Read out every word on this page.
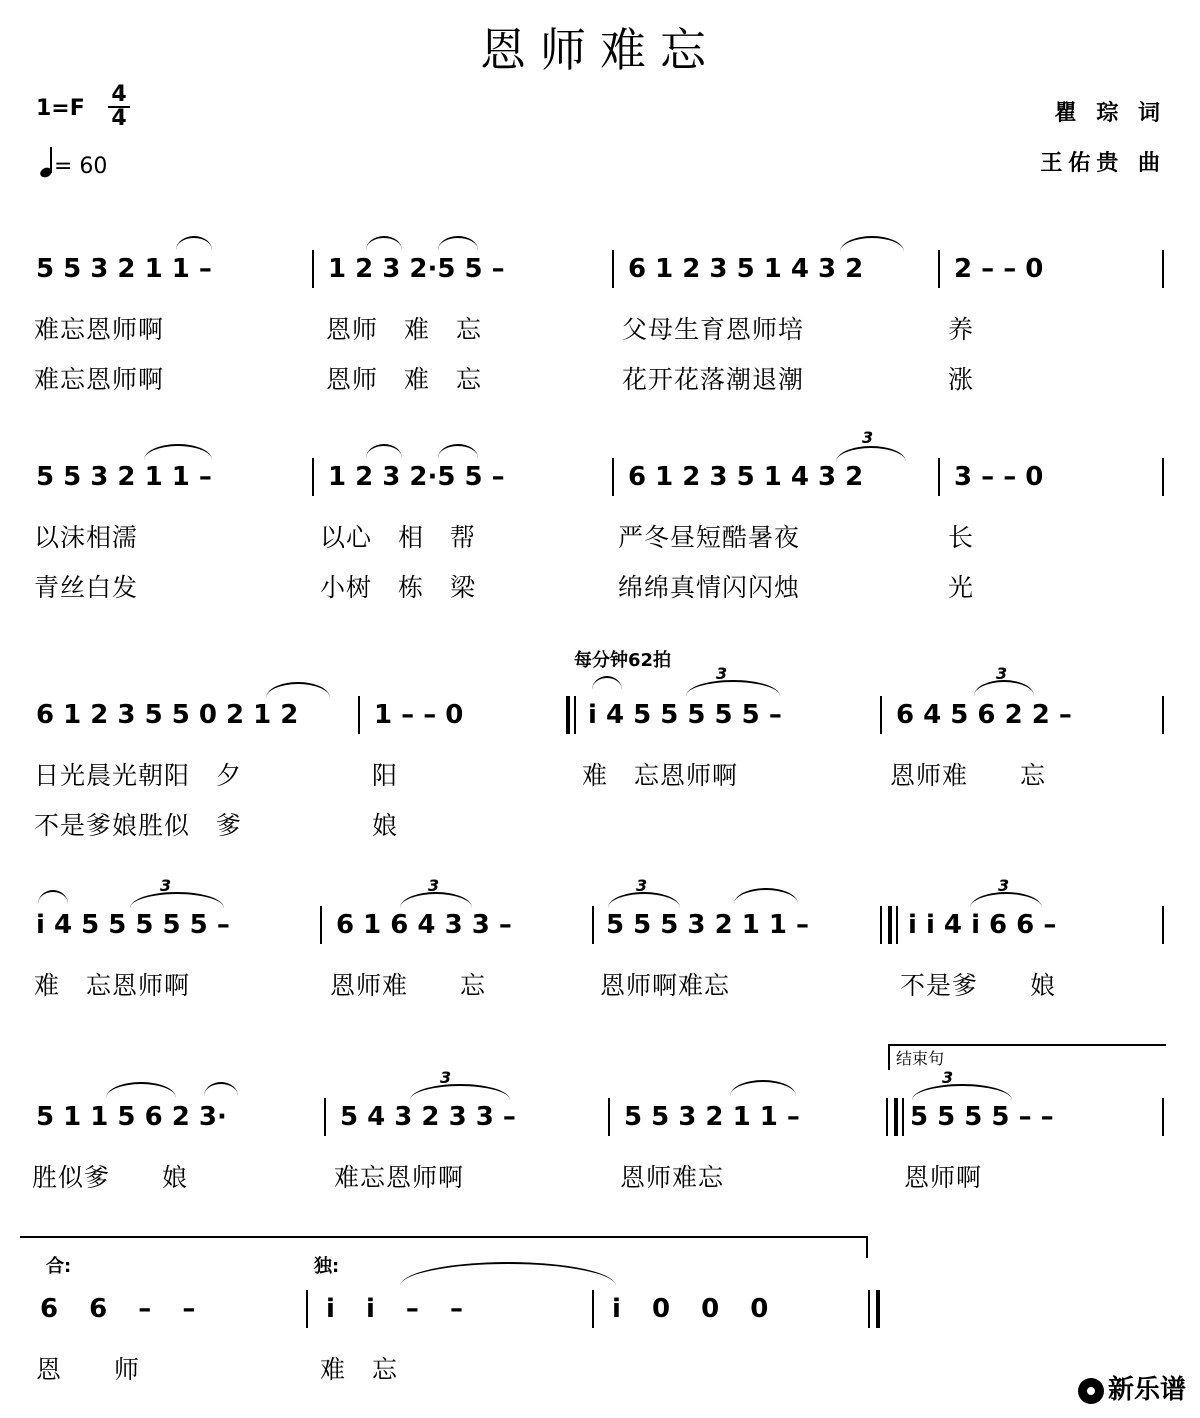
恩师难忘
1=F
4
4
= 60
瞿 琮 词
王佑贵 曲
5 5 3 2 1 1 –	1 2 3 2·5 5 –	6 1 2 3 5 1 4 3 2	2 – – 0
难忘恩师啊	恩师　难　忘	父母生育恩师培	养
难忘恩师啊	恩师　难　忘	花开花落潮退潮	涨
3
5 5 3 2 1 1 –	1 2 3 2·5 5 –	6 1 2 3 5 1 4 3 2	3 – – 0
以沫相濡	以心　相　帮	严冬昼短酷暑夜	长
青丝白发	小树　栋　梁	绵绵真情闪闪烛	光
每分钟62拍
3	3
6 1 2 3 5 5 0 2 1 2	1 – – 0	i 4 5 5 5 5 5 –	6 4 5 6 2 2 –
日光晨光朝阳　夕	阳	难　忘恩师啊	恩师难　　忘
不是爹娘胜似　爹	娘
3	3	3	3
i 4 5 5 5 5 5 –	6 1 6 4 3 3 –	5 5 5 3 2 1 1 –	i i 4 i 6 6 –
难　忘恩师啊	恩师难　　忘	恩师啊难忘	不是爹　　娘
结束句
3	3
5 1 1 5 6 2 3·	5 4 3 2 3 3 –	5 5 3 2 1 1 –	5 5 5 5 – –
胜似爹　　娘	难忘恩师啊	恩师难忘	恩师啊
合:	独:
6 6 – –	i i – –	i 0 0 0
恩　　师	难　忘
新乐谱
